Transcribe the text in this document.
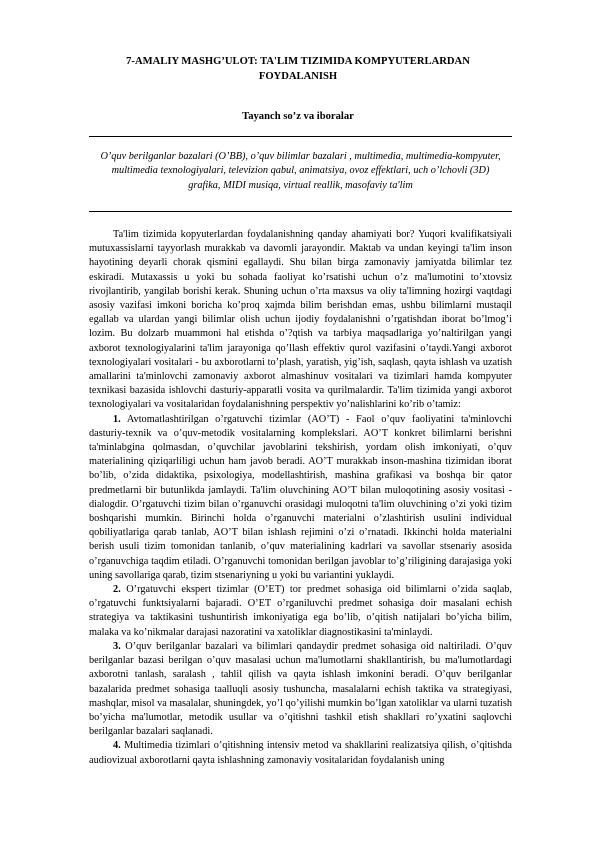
7-AMALIY MASHG’ULOT: TA'LIM TIZIMIDA KOMPYUTERLARDAN FOYDALANISH
Tayanch so’z va iboralar
O’quv berilganlar bazalari (O’BB), o’quv bilimlar bazalari , multimedia, multimedia-kompyuter, multimedia texnologiyalari, televizion qabul, animatsiya, ovoz effektlari, uch o’lchovli (3D) grafika, MIDI musiqa, virtual reallik, masofaviy ta'lim

Ta'lim tizimida kopyuterlardan foydalanishning qanday ahamiyati bor? Yuqori kvalifikatsiyali mutuxassislarni tayyorlash murakkab va davomli jarayondir. Maktab va undan keyingi ta'lim inson hayotining deyarli chorak qismini egallaydi. Shu bilan birga zamonaviy jamiyatda bilimlar tez eskiradi. Mutaxassis u yoki bu sohada faoliyat ko’rsatishi uchun o’z ma'lumotini to’xtovsiz rivojlantirib, yangilab borishi kerak. Shuning uchun o’rta maxsus va oliy ta'limning hozirgi vaqtdagi asosiy vazifasi imkoni boricha ko’proq xajmda bilim berishdan emas, ushbu bilimlarni mustaqil egallab va ulardan yangi bilimlar olish uchun ijodiy foydalanishni o’rgatishdan iborat bo’lmog’i lozim. Bu dolzarb muammoni hal etishda o’?qtish va tarbiya maqsadlariga yo’naltirilgan yangi axborot texnologiyalarini ta'lim jarayoniga qo’llash effektiv qurol vazifasini o’taydi.Yangi axborot texnologiyalari vositalari - bu axborotlarni to’plash, yaratish, yig’ish, saqlash, qayta ishlash va uzatish amallarini ta'minlovchi zamonaviy axborot almashinuv vositalari va tizimlari hamda kompyuter texnikasi bazasida ishlovchi dasturiy-apparatli vosita va qurilmalardir. Ta'lim tizimida yangi axborot texnologiyalari va vositalaridan foydalanishning perspektiv yo’nalishlarini ko’rib o’tamiz:

1. Avtomatlashtirilgan o’rgatuvchi tizimlar (AO’T) - Faol o’quv faoliyatini ta'minlovchi dasturiy-texnik va o’quv-metodik vositalarning komplekslari. AO’T konkret bilimlarni berishni ta'minlabgina qolmasdan, o’quvchilar javoblarini tekshirish, yordam olish imkoniyati, o’quv materialining qiziqarliligi uchun ham javob beradi. AO’T murakkab inson-mashina tizimidan iborat bo’lib, o’zida didaktika, psixologiya, modellashtirish, mashina grafikasi va boshqa bir qator predmetlarni bir butunlikda jamlaydi. Ta'lim oluvchining AO’T bilan muloqotining asosiy vositasi -dialogdir. O’rgatuvchi tizim bilan o’rganuvchi orasidagi muloqotni ta'lim oluvchining o’zi yoki tizim boshqarishi mumkin. Birinchi holda o’rganuvchi materialni o’zlashtirish usulini individual qobiliyatlariga qarab tanlab, AO’T bilan ishlash rejimini o’zi o’rnatadi. Ikkinchi holda materialni berish usuli tizim tomonidan tanlanib, o’quv materialining kadrlari va savollar stsenariy asosida o’rganuvchiga taqdim etiladi. O’rganuvchi tomonidan berilgan javoblar to’g’riligining darajasiga yoki uning savollariga qarab, tizim stsenariyning u yoki bu variantini yuklaydi.

2. O’rgatuvchi ekspert tizimlar (O’ET) tor predmet sohasiga oid bilimlarni o’zida saqlab, o’rgatuvchi funktsiyalarni bajaradi. O’ET o’rganiluvchi predmet sohasiga doir masalani echish strategiya va taktikasini tushuntirish imkoniyatiga ega bo’lib, o’qitish natijalari bo’yicha bilim, malaka va ko’nikmalar darajasi nazoratini va xatoliklar diagnostikasini ta'minlaydi.

3. O’quv berilganlar bazalari va bilimlari qandaydir predmet sohasiga oid naltiriladi. O’quv berilganlar bazasi berilgan o’quv masalasi uchun ma'lumotlarni shakllantirish, bu ma'lumotlardagi axborotni tanlash, saralash , tahlil qilish va qayta ishlash imkonini beradi. O’quv berilganlar bazalarida predmet sohasiga taalluqli asosiy tushuncha, masalalarni echish taktika va strategiyasi, mashqlar, misol va masalalar, shuningdek, yo’l qo’yilishi mumkin bo’lgan xatoliklar va ularni tuzatish bo’yicha ma'lumotlar, metodik usullar va o’qitishni tashkil etish shakllari ro’yxatini saqlovchi berilganlar bazalari saqlanadi.

4. Multimedia tizimlari o’qitishning intensiv metod va shakllarini realizatsiya qilish, o’qitishda audiovizual axborotlarni qayta ishlashning zamonaviy vositalaridan foydalanish uning
